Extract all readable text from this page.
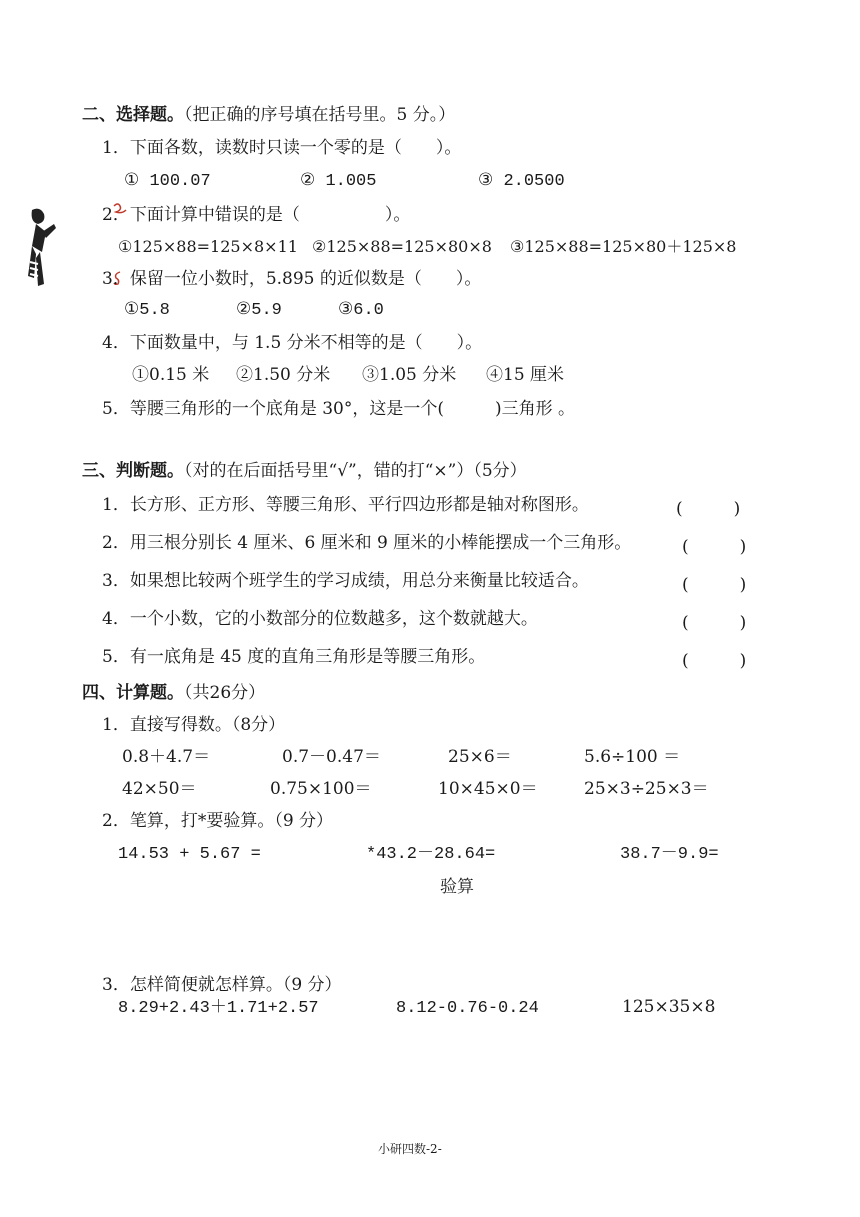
二、选择题。（把正确的序号填在括号里。5 分。）
1．下面各数，读数时只读一个零的是（　　）。
① 100.07	② 1.005	③ 2.0500
2．下面计算中错误的是（　　　　　）。
①125×88=125×8×11 ②125×88=125×80×8 ③125×88=125×80＋125×8
3．保留一位小数时，5.895 的近似数是（　　）。
①5.8	②5.9	③6.0
4．下面数量中，与 1.5 分米不相等的是（　　）。
①0.15 米 ②1.50 分米 ③1.05 分米 ④15 厘米
5．等腰三角形的一个底角是 30°，这是一个(　　　)三角形 。
三、判断题。（对的在后面括号里“√”，错的打“×”）（5分）
1．长方形、正方形、等腰三角形、平行四边形都是轴对称图形。	(　　　)
2．用三根分别长 4 厘米、6 厘米和 9 厘米的小棒能摆成一个三角形。	(　　　)
3．如果想比较两个班学生的学习成绩，用总分来衡量比较适合。	(　　　)
4．一个小数，它的小数部分的位数越多，这个数就越大。	(　　　)
5．有一底角是 45 度的直角三角形是等腰三角形。	(　　　)
四、计算题。（共26分）
1．直接写得数。（8分）
0.8＋4.7＝	0.7－0.47＝	25×6＝	5.6÷100 ＝
42×50＝	0.75×100＝	10×45×0＝	25×3÷25×3＝
2．笔算，打*要验算。（9 分）
14.53 + 5.67 =	*43.2－28.64=	38.7－9.9=
验算
3．怎样简便就怎样算。（9 分）
8.29+2.43＋1.71+2.57	8.12-0.76-0.24	125×35×8
小研四数-2-
